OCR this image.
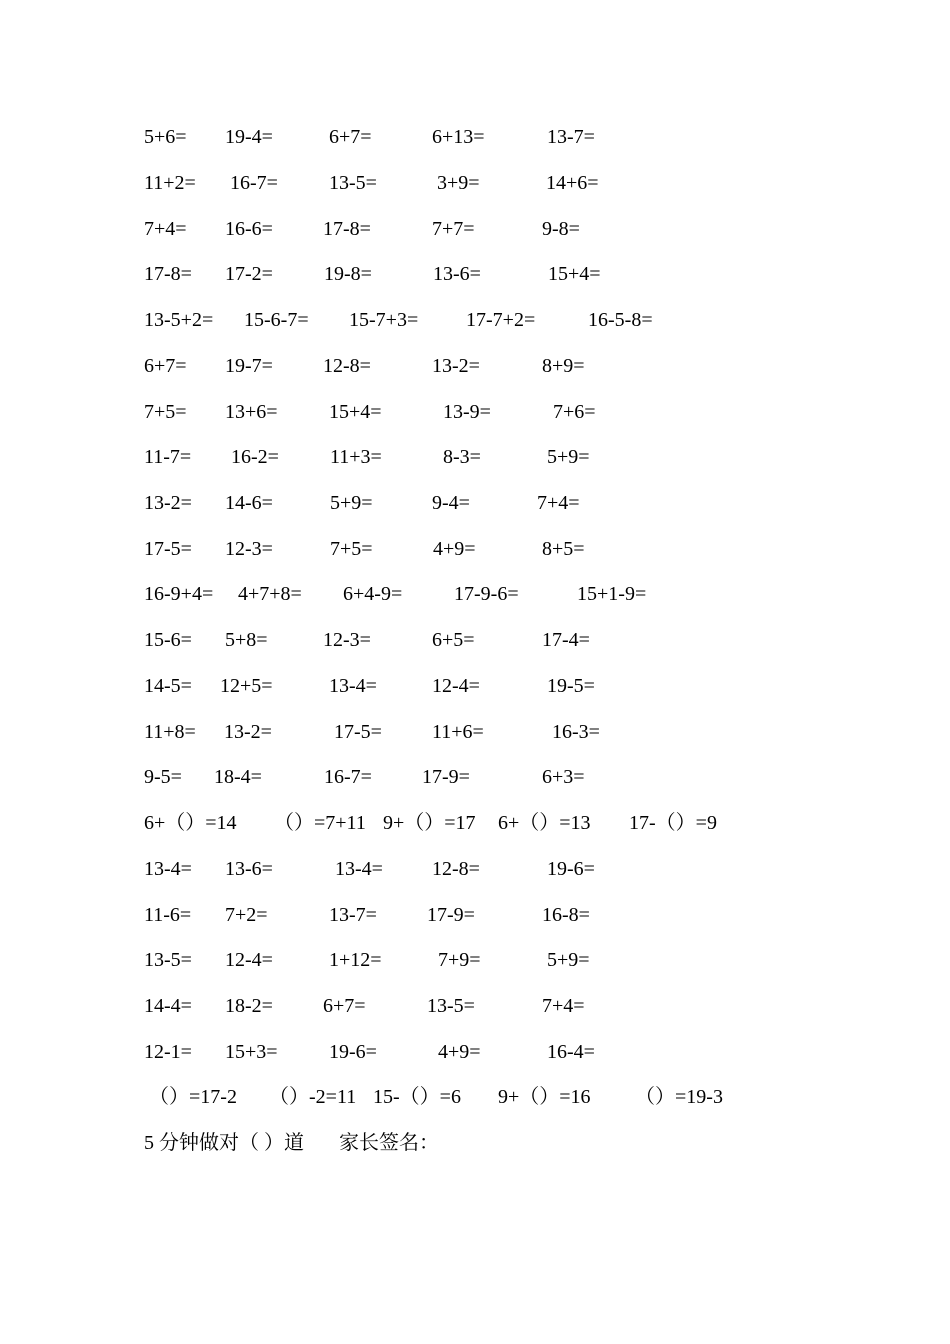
5+6= 19-4=	6+7=	6+13=	13-7=
11+2= 16-7=	13-5=	3+9=	14+6=
7+4= 16-6=	17-8=	7+7=	9-8=
17-8= 17-2=	19-8=	13-6=	15+4=
13-5+2= 15-6-7= 15-7+3= 17-7+2=	16-5-8=
6+7= 19-7=	12-8=	13-2=	8+9=
7+5= 13+6=	15+4=	13-9=	7+6=
11-7= 16-2=	11+3=	8-3=	5+9=
13-2= 14-6=	5+9=	9-4=	7+4=
17-5= 12-3=	7+5=	4+9=	8+5=
16-9+4= 4+7+8= 6+4-9=	17-9-6=	15+1-9=
15-6= 5+8=	12-3=	6+5=	17-4=
14-5= 12+5=	13-4=	12-4=	19-5=
11+8= 13-2=	17-5=	11+6=	16-3=
9-5= 18-4=	16-7=	17-9=	6+3=
6+（）=14 （）=7+11 9+（）=17 6+（）=13 17-（）=9
13-4= 13-6=	13-4= 12-8=	19-6=
11-6= 7+2=	13-7=	17-9=	16-8=
13-5= 12-4=	1+12=	7+9=	5+9=
14-4= 18-2=	6+7=	13-5=	7+4=
12-1= 15+3=	19-6=	4+9=	16-4=
（）=17-2 （）-2=11 15-（）=6 9+（）=16 （）=19-3
5 分钟做对（ ）道 家长签名：
